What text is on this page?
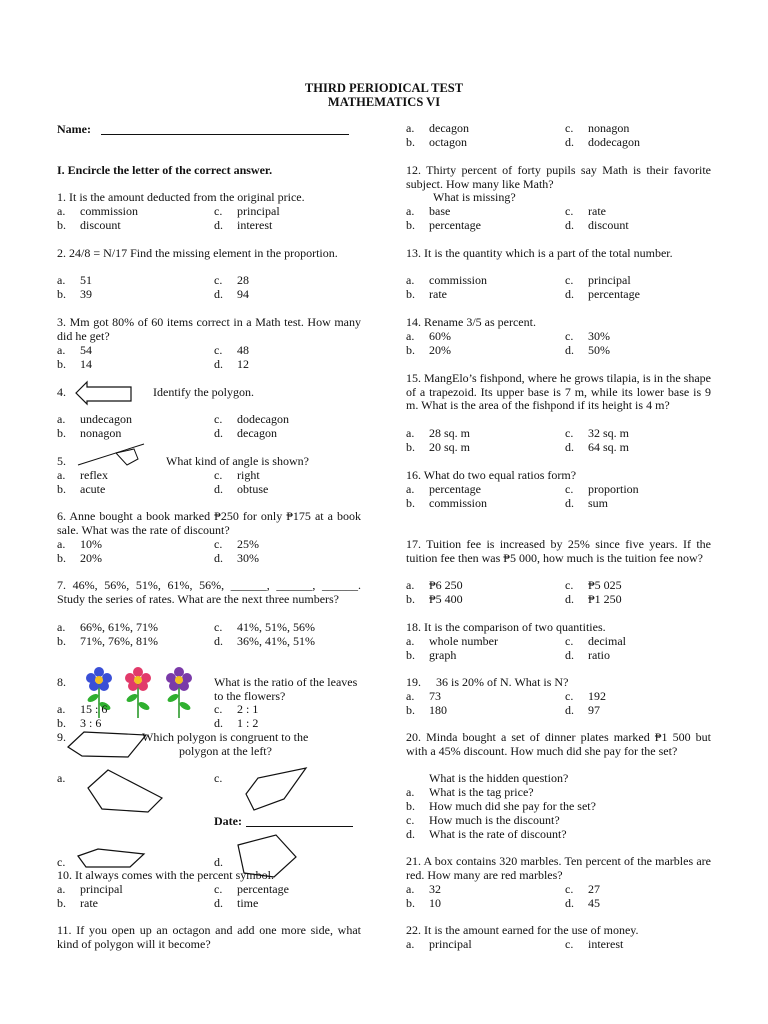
THIRD PERIODICAL TEST
MATHEMATICS VI
Name:
I. Encircle the letter of the correct answer.
1. It is the amount deducted from the original price.
a. commission
b. discount
c. principal
d. interest
2. 24/8 = N/17 Find the missing element in the proportion.
a. 51
b. 39
c. 28
d. 94
3. Mm got 80% of 60 items correct in a Math test. How many did he get?
a. 54
b. 14
c. 48
d. 12
4.	Identify the polygon.
a. undecagon
b. nonagon
c. dodecagon
d. decagon
5.	What kind of angle is shown?
a. reflex
b. acute
c. right
d. obtuse
6. Anne bought a book marked ₱250 for only ₱175 at a book sale. What was the rate of discount?
a. 10%
b. 20%
c. 25%
d. 30%
7. 46%, 56%, 51%, 61%, 56%, ______, ______, ______. Study the series of rates. What are the next three numbers?
a. 66%, 61%, 71%
b. 71%, 76%, 81%
c. 41%, 51%, 56%
d. 36%, 41%, 51%
8.	What is the ratio of the leaves to the flowers?
a. 15 : 6
b. 3 : 6
c. 2 : 1
d. 1 : 2
9.	Which polygon is congruent to the
polygon at the left?
a.	c.
Date:
c.	d.
10. It always comes with the percent symbol.
a. principal
b. rate
c. percentage
d. time
11. If you open up an octagon and add one more side, what kind of polygon will it become?
a. decagon
b. octagon
c. nonagon
d. dodecagon
12. Thirty percent of forty pupils say Math is their favorite subject. How many like Math?
What is missing?
a. base
b. percentage
c. rate
d. discount
13. It is the quantity which is a part of the total number.
a. commission
b. rate
c. principal
d. percentage
14. Rename 3/5 as percent.
a. 60%
b. 20%
c. 30%
d. 50%
15. MangElo’s fishpond, where he grows tilapia, is in the shape of a trapezoid. Its upper base is 7 m, while its lower base is 9 m. What is the area of the fishpond if its height is 4 m?
a. 28 sq. m
b. 20 sq. m
c. 32 sq. m
d. 64 sq. m
16. What do two equal ratios form?
a. percentage
b. commission
c. proportion
d. sum
17. Tuition fee is increased by 25% since five years. If the tuition fee then was ₱5 000, how much is the tuition fee now?
a. ₱6 250
b. ₱5 400
c. ₱5 025
d. ₱1 250
18. It is the comparison of two quantities.
a. whole number
b. graph
c. decimal
d. ratio
19. 36 is 20% of N. What is N?
a. 73
b. 180
c. 192
d. 97
20. Minda bought a set of dinner plates marked ₱1 500 but with a 45% discount. How much did she pay for the set?
What is the hidden question?
a. What is the tag price?
b. How much did she pay for the set?
c. How much is the discount?
d. What is the rate of discount?
21. A box contains 320 marbles. Ten percent of the marbles are red. How many are red marbles?
a. 32
b. 10
c. 27
d. 45
22. It is the amount earned for the use of money.
a. principal	c. interest
